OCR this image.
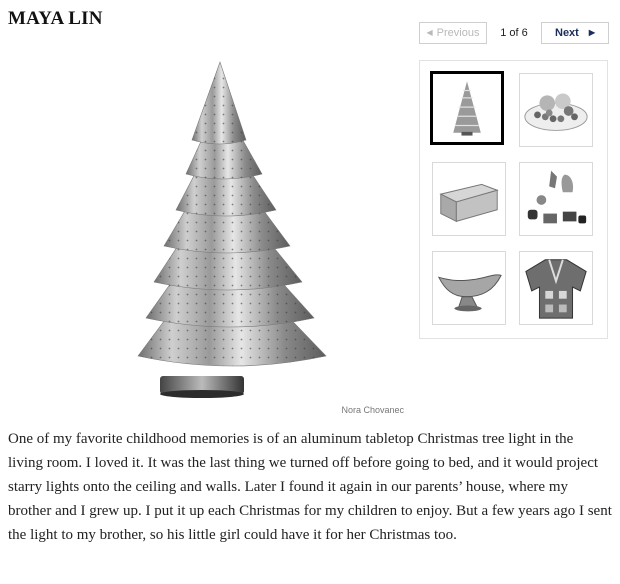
MAYA LIN
◀ Previous	1 of 6	Next ▶
Nora Chovanec

One of my favorite childhood memories is of an aluminum tabletop Christmas tree light in the living room. I loved it. It was the last thing we turned off before going to bed, and it would project starry lights onto the ceiling and walls. Later I found it again in our parents’ house, where my brother and I grew up. I put it up each Christmas for my children to enjoy. But a few years ago I sent the light to my brother, so his little girl could have it for her Christmas too.
